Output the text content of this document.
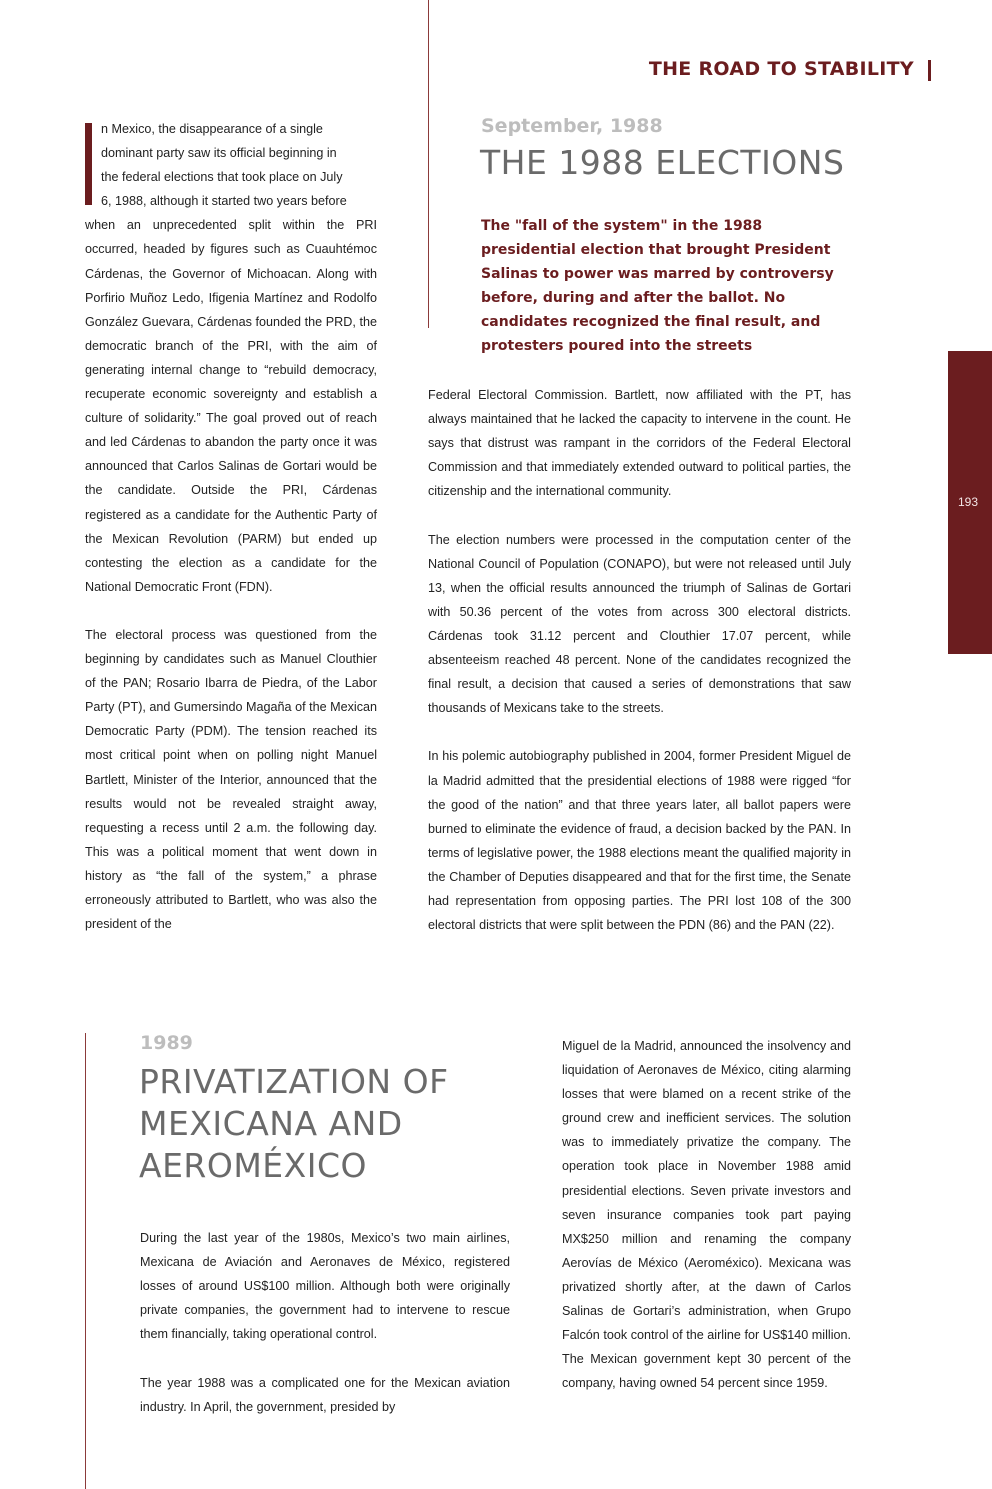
THE ROAD TO STABILITY
193

n Mexico, the disappearance of a single
dominant party saw its official beginning in
the federal elections that took place on July
6, 1988, although it started two years before
when an unprecedented split within the PRI occurred, headed by figures such as Cuauhtémoc Cárdenas, the Governor of Michoacan. Along with Porfirio Muñoz Ledo, Ifigenia Martínez and Rodolfo González Guevara, Cárdenas founded the PRD, the democratic branch of the PRI, with the aim of generating internal change to “rebuild democracy, recuperate economic sovereignty and establish a culture of solidarity.” The goal proved out of reach and led Cárdenas to abandon the party once it was announced that Carlos Salinas de Gortari would be the candidate. Outside the PRI, Cárdenas registered as a candidate for the Authentic Party of the Mexican Revolution (PARM) but ended up contesting the election as a candidate for the National Democratic Front (FDN).

The electoral process was questioned from the beginning by candidates such as Manuel Clouthier of the PAN; Rosario Ibarra de Piedra, of the Labor Party (PT), and Gumersindo Magaña of the Mexican Democratic Party (PDM). The tension reached its most critical point when on polling night Manuel Bartlett, Minister of the Interior, announced that the results would not be revealed straight away, requesting a recess until 2 a.m. the following day. This was a political moment that went down in history as “the fall of the system,” a phrase erroneously attributed to Bartlett, who was also the president of the

September, 1988
THE 1988 ELECTIONS
The "fall of the system" in the 1988 presidential election that brought President Salinas to power was marred by controversy before, during and after the ballot. No candidates recognized the final result, and protesters poured into the streets

Federal Electoral Commission. Bartlett, now affiliated with the PT, has always maintained that he lacked the capacity to intervene in the count. He says that distrust was rampant in the corridors of the Federal Electoral Commission and that immediately extended outward to political parties, the citizenship and the international community.

The election numbers were processed in the computation center of the National Council of Population (CONAPO), but were not released until July 13, when the official results announced the triumph of Salinas de Gortari with 50.36 percent of the votes from across 300 electoral districts. Cárdenas took 31.12 percent and Clouthier 17.07 percent, while absenteeism reached 48 percent. None of the candidates recognized the final result, a decision that caused a series of demonstrations that saw thousands of Mexicans take to the streets.

In his polemic autobiography published in 2004, former President Miguel de la Madrid admitted that the presidential elections of 1988 were rigged “for the good of the nation” and that three years later, all ballot papers were burned to eliminate the evidence of fraud, a decision backed by the PAN. In terms of legislative power, the 1988 elections meant the qualified majority in the Chamber of Deputies disappeared and that for the first time, the Senate had representation from opposing parties. The PRI lost 108 of the 300 electoral districts that were split between the PDN (86) and the PAN (22).

1989
PRIVATIZATION OF
MEXICANA AND
AEROMÉXICO

During the last year of the 1980s, Mexico’s two main airlines, Mexicana de Aviación and Aeronaves de México, registered losses of around US$100 million. Although both were originally private companies, the government had to intervene to rescue them financially, taking operational control.

The year 1988 was a complicated one for the Mexican aviation industry. In April, the government, presided by

Miguel de la Madrid, announced the insolvency and liquidation of Aeronaves de México, citing alarming losses that were blamed on a recent strike of the ground crew and inefficient services. The solution was to immediately privatize the company. The operation took place in November 1988 amid presidential elections. Seven private investors and seven insurance companies took part paying MX$250 million and renaming the company Aerovías de México (Aeroméxico). Mexicana was privatized shortly after, at the dawn of Carlos Salinas de Gortari’s administration, when Grupo Falcón took control of the airline for US$140 million. The Mexican government kept 30 percent of the company, having owned 54 percent since 1959.
